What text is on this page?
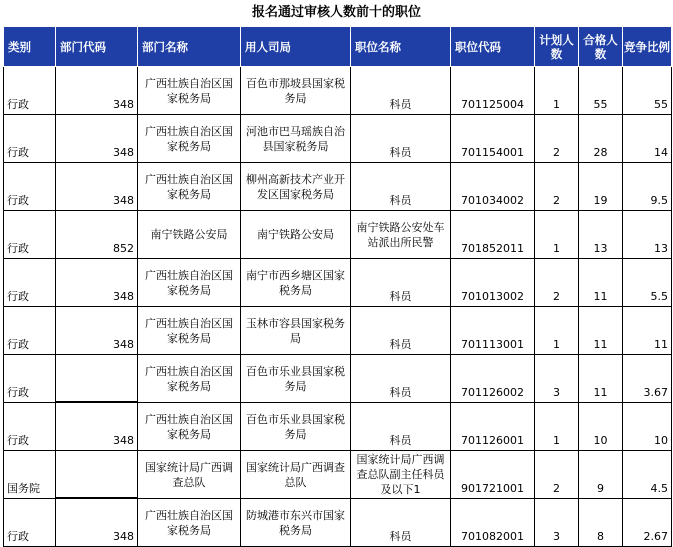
报名通过审核人数前十的职位
类别	部门代码	部门名称	用人司局	职位名称	职位代码	计划人数	合格人数	竞争比例
行政	348	广西壮族自治区国家税务局	百色市那坡县国家税务局	科员	701125004	1	55	55
行政	348	广西壮族自治区国家税务局	河池市巴马瑶族自治县国家税务局	科员	701154001	2	28	14
行政	348	广西壮族自治区国家税务局	柳州高新技术产业开发区国家税务局	科员	701034002	2	19	9.5
行政	852	南宁铁路公安局	南宁铁路公安局	南宁铁路公安处车站派出所民警	701852011	1	13	13
行政	348	广西壮族自治区国家税务局	南宁市西乡塘区国家税务局	科员	701013002	2	11	5.5
行政	348	广西壮族自治区国家税务局	玉林市容县国家税务局	科员	701113001	1	11	11
行政		广西壮族自治区国家税务局	百色市乐业县国家税务局	科员	701126002	3	11	3.67
行政	348	广西壮族自治区国家税务局	百色市乐业县国家税务局	科员	701126001	1	10	10
国务院		国家统计局广西调查总队	国家统计局广西调查总队	国家统计局广西调查总队副主任科员及以下1	901721001	2	9	4.5
行政	348	广西壮族自治区国家税务局	防城港市东兴市国家税务局	科员	701082001	3	8	2.67
